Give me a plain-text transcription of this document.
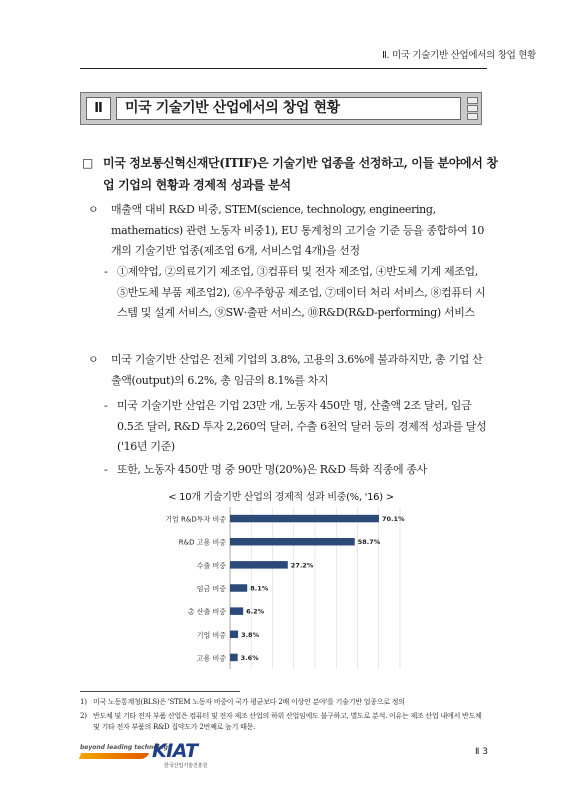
Ⅱ. 미국 기술기반 산업에서의 창업 현황
Ⅱ	미국 기술기반 산업에서의 창업 현황
□ 미국 정보통신혁신재단(ITIF)은 기술기반 업종을 선정하고, 이들 분야에서 창업 기업의 현황과 경제적 성과를 분석
ㅇ	매출액 대비 R&D 비중, STEM(science, technology, engineering, mathematics) 관련 노동자 비중1), EU 통계청의 고기술 기준 등을 종합하여 10개의 기술기반 업종(제조업 6개, 서비스업 4개)을 선정
- ①제약업, ②의료기기 제조업, ③컴퓨터 및 전자 제조업, ④반도체 기계 제조업, ⑤반도체 부품 제조업2), ⑥우주항공 제조업, ⑦데이터 처리 서비스, ⑧컴퓨터 시스템 및 설계 서비스, ⑨SW·출판 서비스, ⑩R&D(R&D-performing) 서비스
ㅇ	미국 기술기반 산업은 전체 기업의 3.8%, 고용의 3.6%에 불과하지만, 총 기업 산출액(output)의 6.2%, 총 임금의 8.1%를 차지
- 미국 기술기반 산업은 기업 23만 개, 노동자 450만 명, 산출액 2조 달러, 임금 0.5조 달러, R&D 투자 2,260억 달러, 수출 6천억 달러 등의 경제적 성과를 달성('16년 기준)
- 또한, 노동자 450만 명 중 90만 명(20%)은 R&D 특화 직종에 종사
< 10개 기술기반 산업의 경제적 성과 비중(%, '16) >
기업 R&D투자 비중	70.1%
R&D 고용 비중	58.7%
수출 비중	27.2%
임금 비중	8.1%
총 산출 비중	6.2%
기업 비중 3.8%
고용 비중 3.6%
1) 미국 노동통계청(BLS)은 'STEM 노동자 비중이 국가 평균보다 2배 이상인 분야'를 기술기반 업종으로 정의
2) 반도체 및 기타 전자 부품 산업은 컴퓨터 및 전자 제조 산업의 하위 산업임에도 불구하고, 별도로 분석. 이유는 제조 산업 내에서 반도체 및 기타 전자 부품의 R&D 집약도가 2번째로 높기 때문.
beyond leading technology
KIAT
한국산업기술진흥원
Ⅱ 3
